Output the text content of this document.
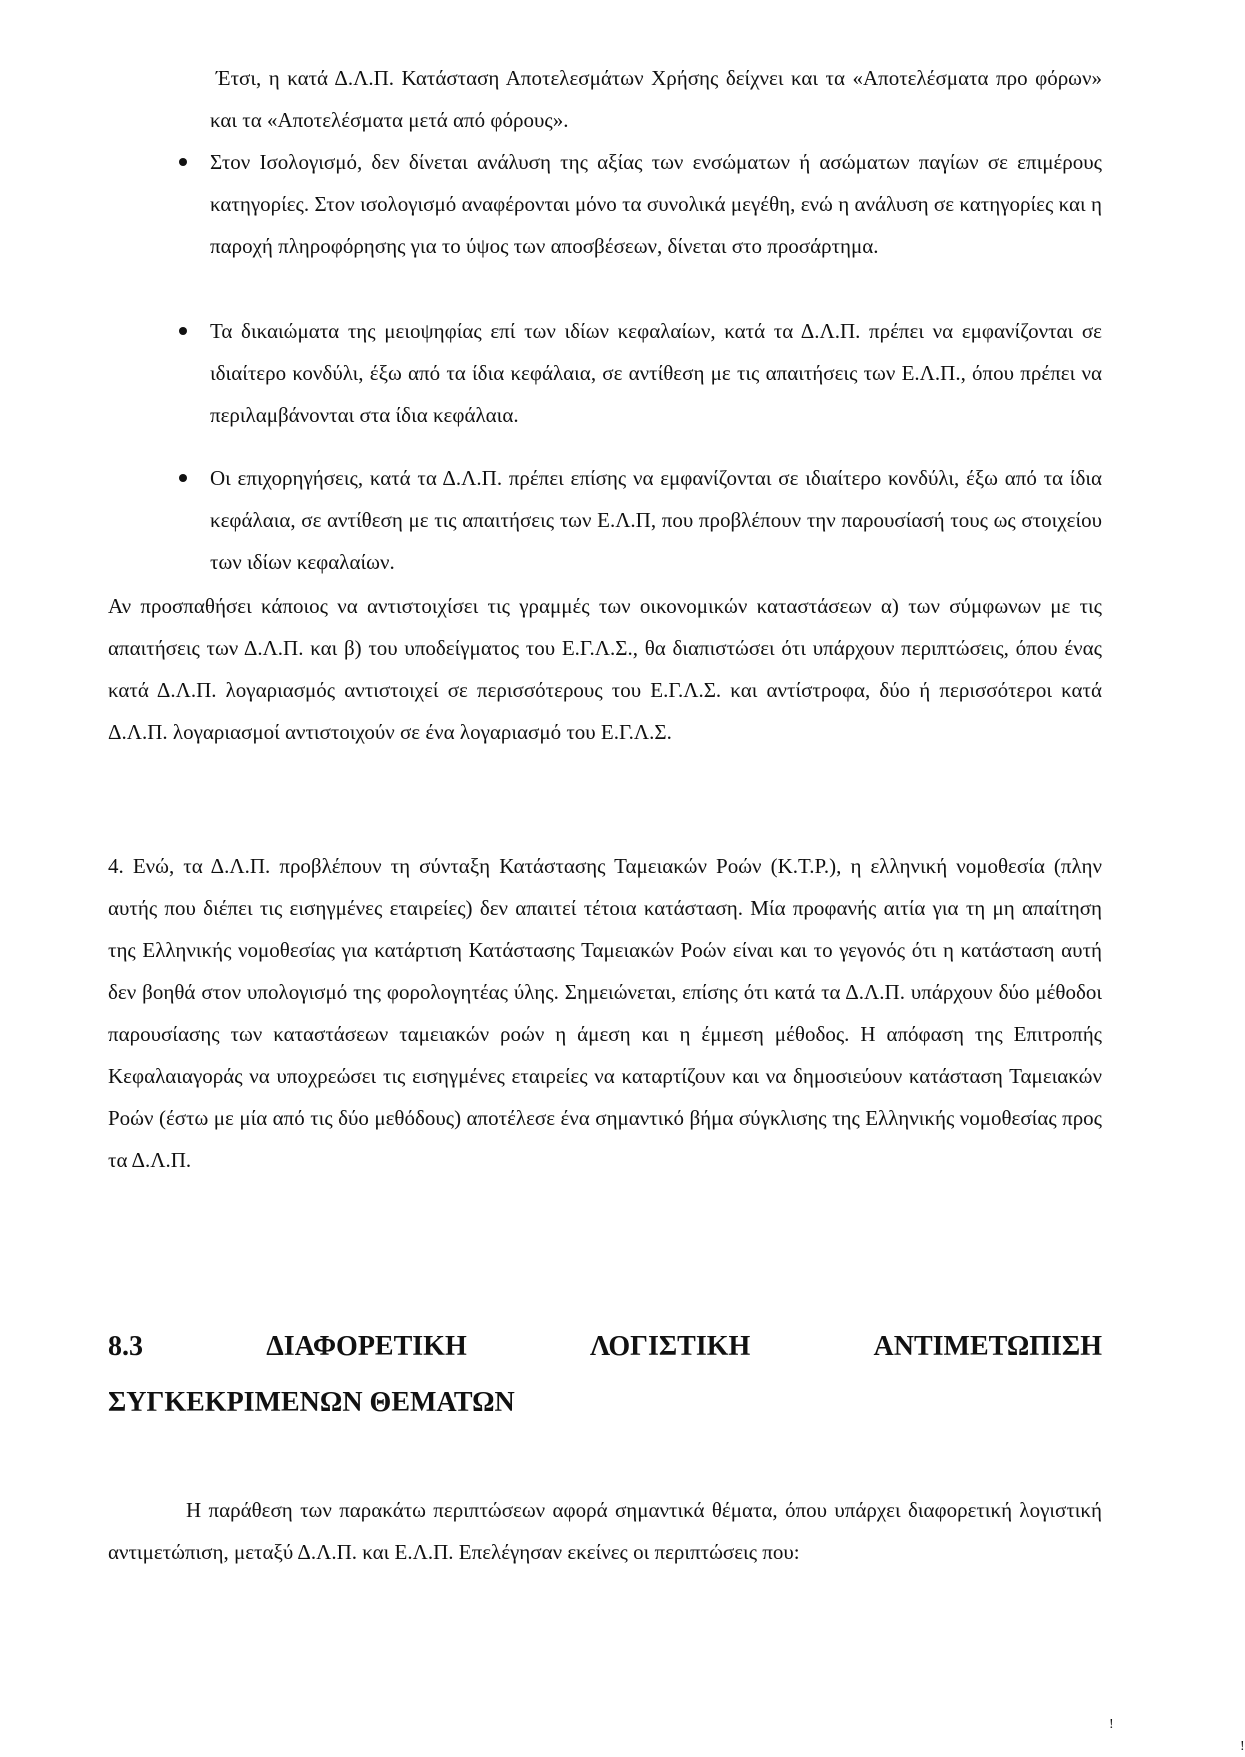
Έτσι, η κατά Δ.Λ.Π. Κατάσταση Αποτελεσμάτων Χρήσης δείχνει και τα «Αποτελέσματα προ φόρων» και τα «Αποτελέσματα μετά από φόρους».

Στον Ισολογισμό, δεν δίνεται ανάλυση της αξίας των ενσώματων ή ασώματων παγίων σε επιμέρους κατηγορίες. Στον ισολογισμό αναφέρονται μόνο τα συνολικά μεγέθη, ενώ η ανάλυση σε κατηγορίες και η παροχή πληροφόρησης για το ύψος των αποσβέσεων, δίνεται στο προσάρτημα.

Τα δικαιώματα της μειοψηφίας επί των ιδίων κεφαλαίων, κατά τα Δ.Λ.Π. πρέπει να εμφανίζονται σε ιδιαίτερο κονδύλι, έξω από τα ίδια κεφάλαια, σε αντίθεση με τις απαιτήσεις των Ε.Λ.Π., όπου πρέπει να περιλαμβάνονται στα ίδια κεφάλαια.

Οι επιχορηγήσεις, κατά τα Δ.Λ.Π. πρέπει επίσης να εμφανίζονται σε ιδιαίτερο κονδύλι, έξω από τα ίδια κεφάλαια, σε αντίθεση με τις απαιτήσεις των Ε.Λ.Π, που προβλέπουν την παρουσίασή τους ως στοιχείου των ιδίων κεφαλαίων.

Αν προσπαθήσει κάποιος να αντιστοιχίσει τις γραμμές των οικονομικών καταστάσεων α) των σύμφωνων με τις απαιτήσεις των Δ.Λ.Π. και β) του υποδείγματος του Ε.Γ.Λ.Σ., θα διαπιστώσει ότι υπάρχουν περιπτώσεις, όπου ένας κατά Δ.Λ.Π. λογαριασμός αντιστοιχεί σε περισσότερους του Ε.Γ.Λ.Σ. και αντίστροφα, δύο ή περισσότεροι κατά Δ.Λ.Π. λογαριασμοί αντιστοιχούν σε ένα λογαριασμό του Ε.Γ.Λ.Σ.

4. Ενώ, τα Δ.Λ.Π. προβλέπουν τη σύνταξη Κατάστασης Ταμειακών Ροών (Κ.Τ.Ρ.), η ελληνική νομοθεσία (πλην αυτής που διέπει τις εισηγμένες εταιρείες) δεν απαιτεί τέτοια κατάσταση. Μία προφανής αιτία για τη μη απαίτηση της Ελληνικής νομοθεσίας για κατάρτιση Κατάστασης Ταμειακών Ροών είναι και το γεγονός ότι η κατάσταση αυτή δεν βοηθά στον υπολογισμό της φορολογητέας ύλης. Σημειώνεται, επίσης ότι κατά τα Δ.Λ.Π. υπάρχουν δύο μέθοδοι παρουσίασης των καταστάσεων ταμειακών ροών η άμεση και η έμμεση μέθοδος. Η απόφαση της Επιτροπής Κεφαλαιαγοράς να υποχρεώσει τις εισηγμένες εταιρείες να καταρτίζουν και να δημοσιεύουν κατάσταση Ταμειακών Ροών (έστω με μία από τις δύο μεθόδους) αποτέλεσε ένα σημαντικό βήμα σύγκλισης της Ελληνικής νομοθεσίας προς τα Δ.Λ.Π.

8.3 ΔΙΑΦΟΡΕΤΙΚΗ ΛΟΓΙΣΤΙΚΗ ΑΝΤΙΜΕΤΩΠΙΣΗ
ΣΥΓΚΕΚΡΙΜΕΝΩΝ ΘΕΜΑΤΩΝ

Η παράθεση των παρακάτω περιπτώσεων αφορά σημαντικά θέματα, όπου υπάρχει διαφορετική λογιστική αντιμετώπιση, μεταξύ Δ.Λ.Π. και Ε.Λ.Π. Επελέγησαν εκείνες οι περιπτώσεις που:

!
!
